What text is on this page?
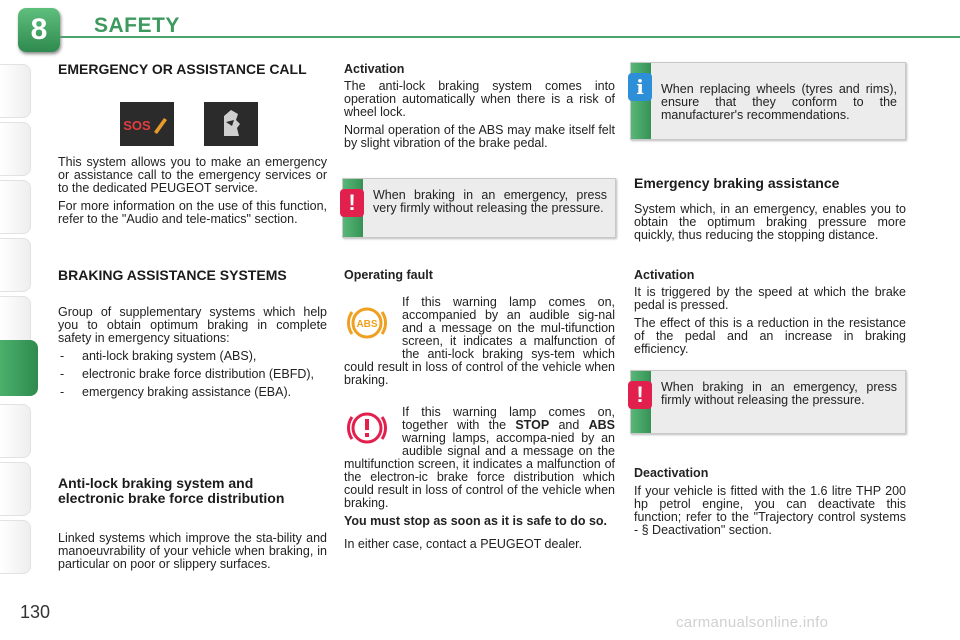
8	SAFETY
EMERGENCY OR ASSISTANCE CALL
SOS

This system allows you to make an emergency or assistance call to the emergency services or to the dedicated PEUGEOT service.

For more information on the use of this function, refer to the "Audio and tele-matics" section.

BRAKING ASSISTANCE SYSTEMS

Group of supplementary systems which help you to obtain optimum braking in complete safety in emergency situations:

- anti-lock braking system (ABS),
- electronic brake force distribution (EBFD),
- emergency braking assistance (EBA).
Anti-lock braking system and electronic brake force distribution

Linked systems which improve the sta-bility and manoeuvrability of your vehicle when braking, in particular on poor or slippery surfaces.

Activation

The anti-lock braking system comes into operation automatically when there is a risk of wheel lock.

Normal operation of the ABS may make itself felt by slight vibration of the brake pedal.

!	When braking in an emergency, press very firmly without releasing the pressure.
Operating fault
ABS

If this warning lamp comes on, accompanied by an audible sig-nal and a message on the mul-tifunction screen, it indicates a malfunction of the anti-lock braking sys-tem which could result in loss of control of the vehicle when braking.

If this warning lamp comes on, together with the STOP and ABS warning lamps, accompa-nied by an audible signal and a message on the multifunction screen, it indicates a malfunction of the electron-ic brake force distribution which could result in loss of control of the vehicle when braking.

You must stop as soon as it is safe to do so.

In either case, contact a PEUGEOT dealer.

i	When replacing wheels (tyres and rims), ensure that they conform to the manufacturer's recommendations.
Emergency braking assistance

System which, in an emergency, enables you to obtain the optimum braking pressure more quickly, thus reducing the stopping distance.

Activation

It is triggered by the speed at which the brake pedal is pressed.

The effect of this is a reduction in the resistance of the pedal and an increase in braking efficiency.

!	When braking in an emergency, press firmly without releasing the pressure.
Deactivation

If your vehicle is fitted with the 1.6 litre THP 200 hp petrol engine, you can deactivate this function; refer to the "Trajectory control systems - § Deactivation" section.

130
carmanualsonline.info
